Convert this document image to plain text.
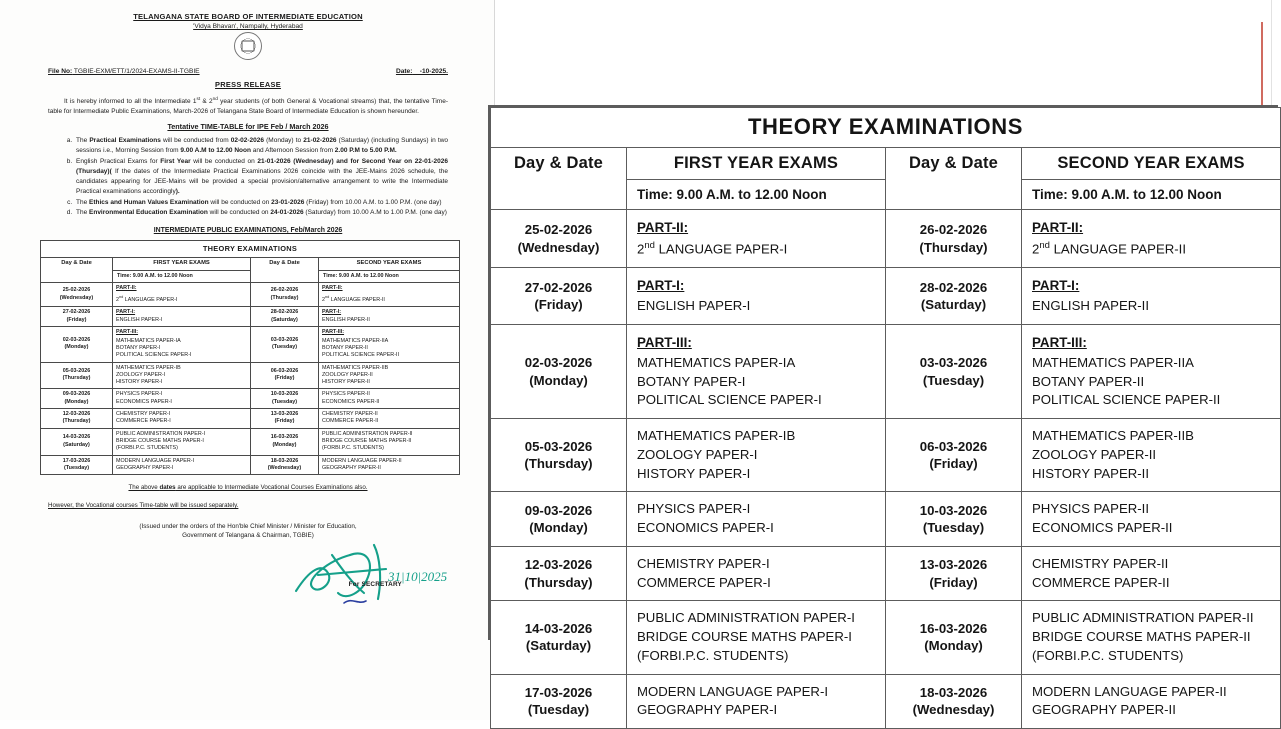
TELANGANA STATE BOARD OF INTERMEDIATE EDUCATION
'Vidya Bhavan', Nampally, Hyderabad
File No: TGBIE-EXM/ETT/1/2024-EXAMS-II-TGBIE	Date:    -10-2025.
PRESS RELEASE

It is hereby informed to all the Intermediate 1st & 2nd year students (of both General & Vocational streams) that, the tentative Time-table for Intermediate Public Examinations, March-2026 of Telangana State Board of Intermediate Education is shown hereunder.

Tentative TIME-TABLE for IPE Feb / March 2026
a. The Practical Examinations will be conducted from 02-02-2026 (Monday) to 21-02-2026 (Saturday) (including Sundays) in two sessions i.e., Morning Session from 9.00 A.M to 12.00 Noon and Afternoon Session from 2.00 P.M to 5.00 P.M.
b. English Practical Exams for First Year will be conducted on 21-01-2026 (Wednesday) and for Second Year on 22-01-2026 (Thursday)( If the dates of the Intermediate Practical Examinations 2026 coincide with the JEE-Mains 2026 schedule, the candidates appearing for JEE-Mains will be provided a special provision/alternative arrangement to write the Intermediate Practical examinations accordingly).
c. The Ethics and Human Values Examination will be conducted on 23-01-2026 (Friday) from 10.00 A.M. to 1.00 P.M. (one day)
d. The Environmental Education Examination will be conducted on 24-01-2026 (Saturday) from 10.00 A.M to 1.00 P.M. (one day)
INTERMEDIATE PUBLIC EXAMINATIONS, Feb/March 2026
THEORY EXAMINATIONS			
Day & Date	FIRST YEAR EXAMS	Day & Date	SECOND YEAR EXAMS
	Time: 9.00 A.M. to 12.00 Noon		Time: 9.00 A.M. to 12.00 Noon
25-02-2026
(Wednesday)	PART-II:
2nd LANGUAGE PAPER-I	26-02-2026
(Thursday)	PART-II:
2nd LANGUAGE PAPER-II

27-02-2026
(Friday)	PART-I:
ENGLISH PAPER-I	28-02-2026
(Saturday)	PART-I:
ENGLISH PAPER-II

02-03-2026
(Monday)	PART-III:
MATHEMATICS PAPER-IA
BOTANY PAPER-I
POLITICAL SCIENCE PAPER-I	03-03-2026
(Tuesday)	PART-III:
MATHEMATICS PAPER-IIA
BOTANY PAPER-II
POLITICAL SCIENCE PAPER-II

05-03-2026
(Thursday)	MATHEMATICS PAPER-IB
ZOOLOGY PAPER-I
HISTORY PAPER-I	06-03-2026
(Friday)	MATHEMATICS PAPER-IIB
ZOOLOGY PAPER-II
HISTORY PAPER-II

09-03-2026
(Monday)	PHYSICS PAPER-I
ECONOMICS PAPER-I	10-03-2026
(Tuesday)	PHYSICS PAPER-II
ECONOMICS PAPER-II

12-03-2026
(Thursday)	CHEMISTRY PAPER-I
COMMERCE PAPER-I	13-03-2026
(Friday)	CHEMISTRY PAPER-II
COMMERCE PAPER-II

14-03-2026
(Saturday)	PUBLIC ADMINISTRATION PAPER-I
BRIDGE COURSE MATHS PAPER-I
(FORBI.P.C. STUDENTS)	16-03-2026
(Monday)	PUBLIC ADMINISTRATION PAPER-II
BRIDGE COURSE MATHS PAPER-II
(FORBI.P.C. STUDENTS)

17-03-2026
(Tuesday)	MODERN LANGUAGE PAPER-I
GEOGRAPHY PAPER-I	18-03-2026
(Wednesday)	MODERN LANGUAGE PAPER-II
GEOGRAPHY PAPER-II
The above dates are applicable to Intermediate Vocational Courses Examinations also.
However, the Vocational courses Time-table will be issued separately.
(Issued under the orders of the Hon'ble Chief Minister / Minister for Education,
Government of Telangana & Chairman, TGBIE)
31|10|2025
For SECRETARY
THEORY EXAMINATIONS			
Day & Date	FIRST YEAR EXAMS	Day & Date	SECOND YEAR EXAMS
	Time: 9.00 A.M. to 12.00 Noon		Time: 9.00 A.M. to 12.00 Noon
25-02-2026
(Wednesday)	PART-II:
2nd LANGUAGE PAPER-I	26-02-2026
(Thursday)	PART-II:
2nd LANGUAGE PAPER-II

27-02-2026
(Friday)	PART-I:
ENGLISH PAPER-I	28-02-2026
(Saturday)	PART-I:
ENGLISH PAPER-II

02-03-2026
(Monday)	PART-III:
MATHEMATICS PAPER-IA
BOTANY PAPER-I
POLITICAL SCIENCE PAPER-I	03-03-2026
(Tuesday)	PART-III:
MATHEMATICS PAPER-IIA
BOTANY PAPER-II
POLITICAL SCIENCE PAPER-II

05-03-2026
(Thursday)	MATHEMATICS PAPER-IB
ZOOLOGY PAPER-I
HISTORY PAPER-I	06-03-2026
(Friday)	MATHEMATICS PAPER-IIB
ZOOLOGY PAPER-II
HISTORY PAPER-II

09-03-2026
(Monday)	PHYSICS PAPER-I
ECONOMICS PAPER-I	10-03-2026
(Tuesday)	PHYSICS PAPER-II
ECONOMICS PAPER-II

12-03-2026
(Thursday)	CHEMISTRY PAPER-I
COMMERCE PAPER-I	13-03-2026
(Friday)	CHEMISTRY PAPER-II
COMMERCE PAPER-II

14-03-2026
(Saturday)	PUBLIC ADMINISTRATION PAPER-I
BRIDGE COURSE MATHS PAPER-I
(FORBI.P.C. STUDENTS)	16-03-2026
(Monday)	PUBLIC ADMINISTRATION PAPER-II
BRIDGE COURSE MATHS PAPER-II
(FORBI.P.C. STUDENTS)

17-03-2026
(Tuesday)	MODERN LANGUAGE PAPER-I
GEOGRAPHY PAPER-I	18-03-2026
(Wednesday)	MODERN LANGUAGE PAPER-II
GEOGRAPHY PAPER-II
